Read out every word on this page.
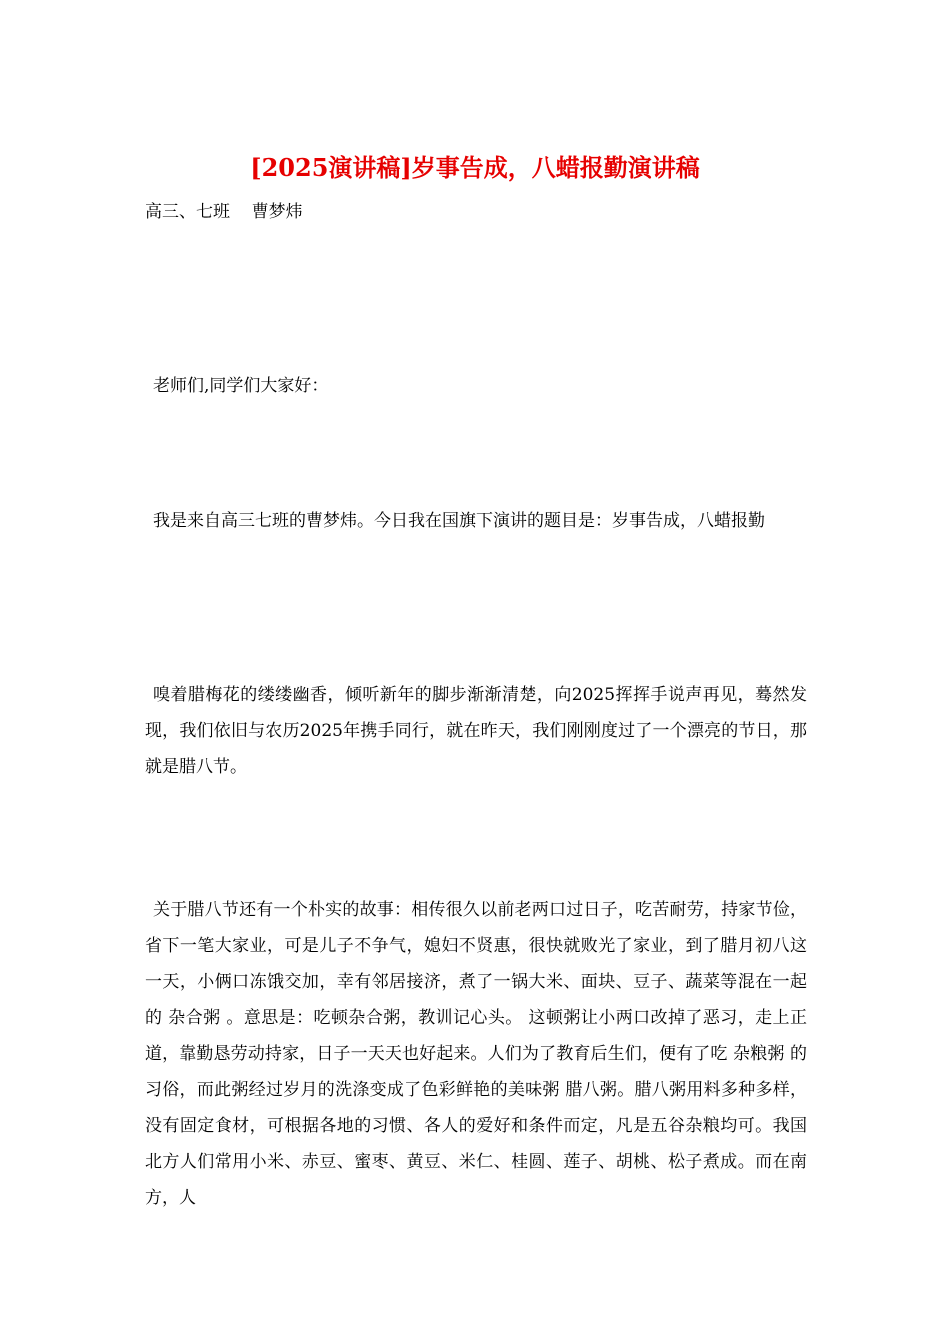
[2025演讲稿]岁事告成，八蜡报勤演讲稿

高三、七班    曹梦炜

老师们,同学们大家好：

我是来自高三七班的曹梦炜。今日我在国旗下演讲的题目是：岁事告成，八蜡报勤

嗅着腊梅花的缕缕幽香，倾听新年的脚步渐渐清楚，向2025挥挥手说声再见，蓦然发现，我们依旧与农历2025年携手同行，就在昨天，我们刚刚度过了一个漂亮的节日，那就是腊八节。

关于腊八节还有一个朴实的故事：相传很久以前老两口过日子，吃苦耐劳，持家节俭，省下一笔大家业，可是儿子不争气，媳妇不贤惠，很快就败光了家业，到了腊月初八这一天，小俩口冻饿交加，幸有邻居接济，煮了一锅大米、面块、豆子、蔬菜等混在一起的 杂合粥 。意思是：吃顿杂合粥，教训记心头。 这顿粥让小两口改掉了恶习，走上正道，靠勤恳劳动持家，日子一天天也好起来。人们为了教育后生们，便有了吃 杂粮粥 的习俗，而此粥经过岁月的洗涤变成了色彩鲜艳的美味粥 腊八粥。腊八粥用料多种多样，没有固定食材，可根据各地的习惯、各人的爱好和条件而定，凡是五谷杂粮均可。我国北方人们常用小米、赤豆、蜜枣、黄豆、米仁、桂圆、莲子、胡桃、松子煮成。而在南方，人
